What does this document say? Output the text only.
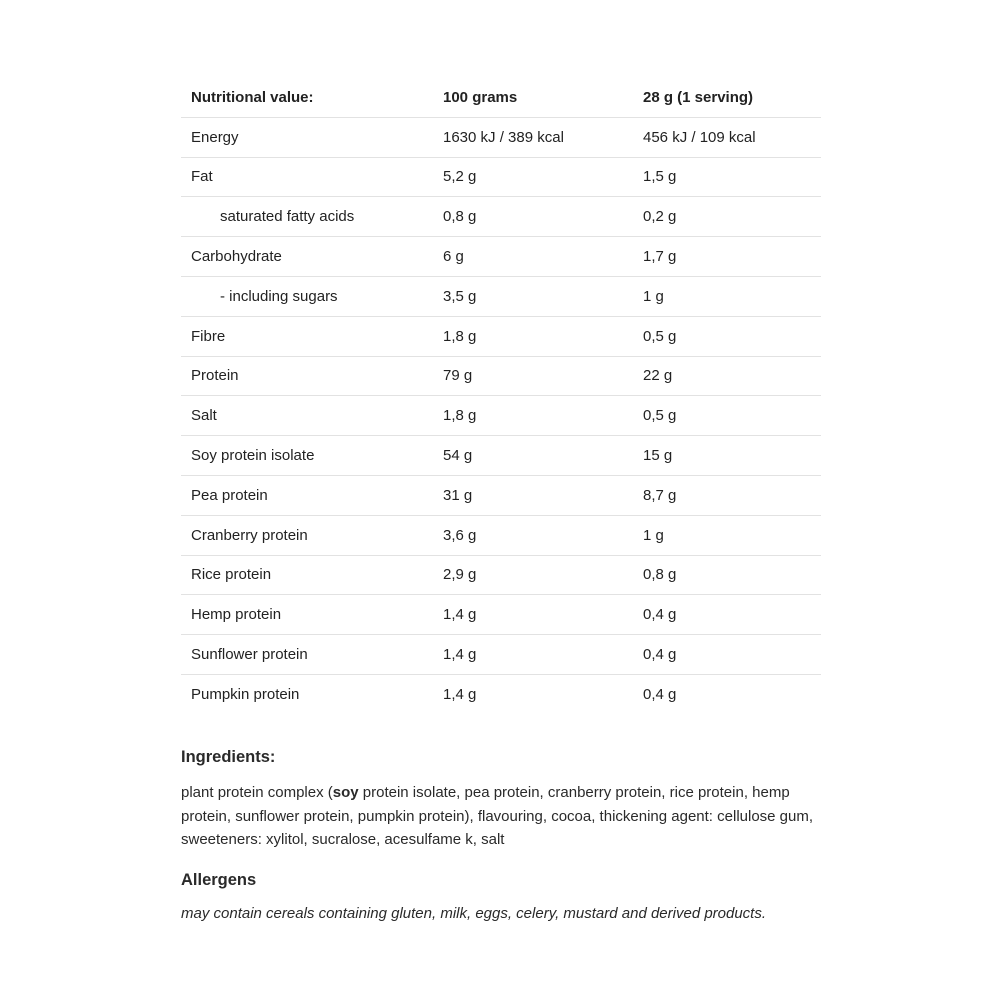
Nutritional value:	100 grams	28 g (1 serving)
Energy	1630 kJ / 389 kcal	456 kJ / 109 kcal
Fat	5,2 g	1,5 g
saturated fatty acids	0,8 g	0,2 g
Carbohydrate	6 g	1,7 g
- including sugars	3,5 g	1 g
Fibre	1,8 g	0,5 g
Protein	79 g	22 g
Salt	1,8 g	0,5 g
Soy protein isolate	54 g	15 g
Pea protein	31 g	8,7 g
Cranberry protein	3,6 g	1 g
Rice protein	2,9 g	0,8 g
Hemp protein	1,4 g	0,4 g
Sunflower protein	1,4 g	0,4 g
Pumpkin protein	1,4 g	0,4 g
Ingredients:
plant protein complex (soy protein isolate, pea protein, cranberry protein, rice protein, hemp protein, sunflower protein, pumpkin protein), flavouring, cocoa, thickening agent: cellulose gum, sweeteners: xylitol, sucralose, acesulfame k, salt
Allergens
may contain cereals containing gluten, milk, eggs, celery, mustard and derived products.
